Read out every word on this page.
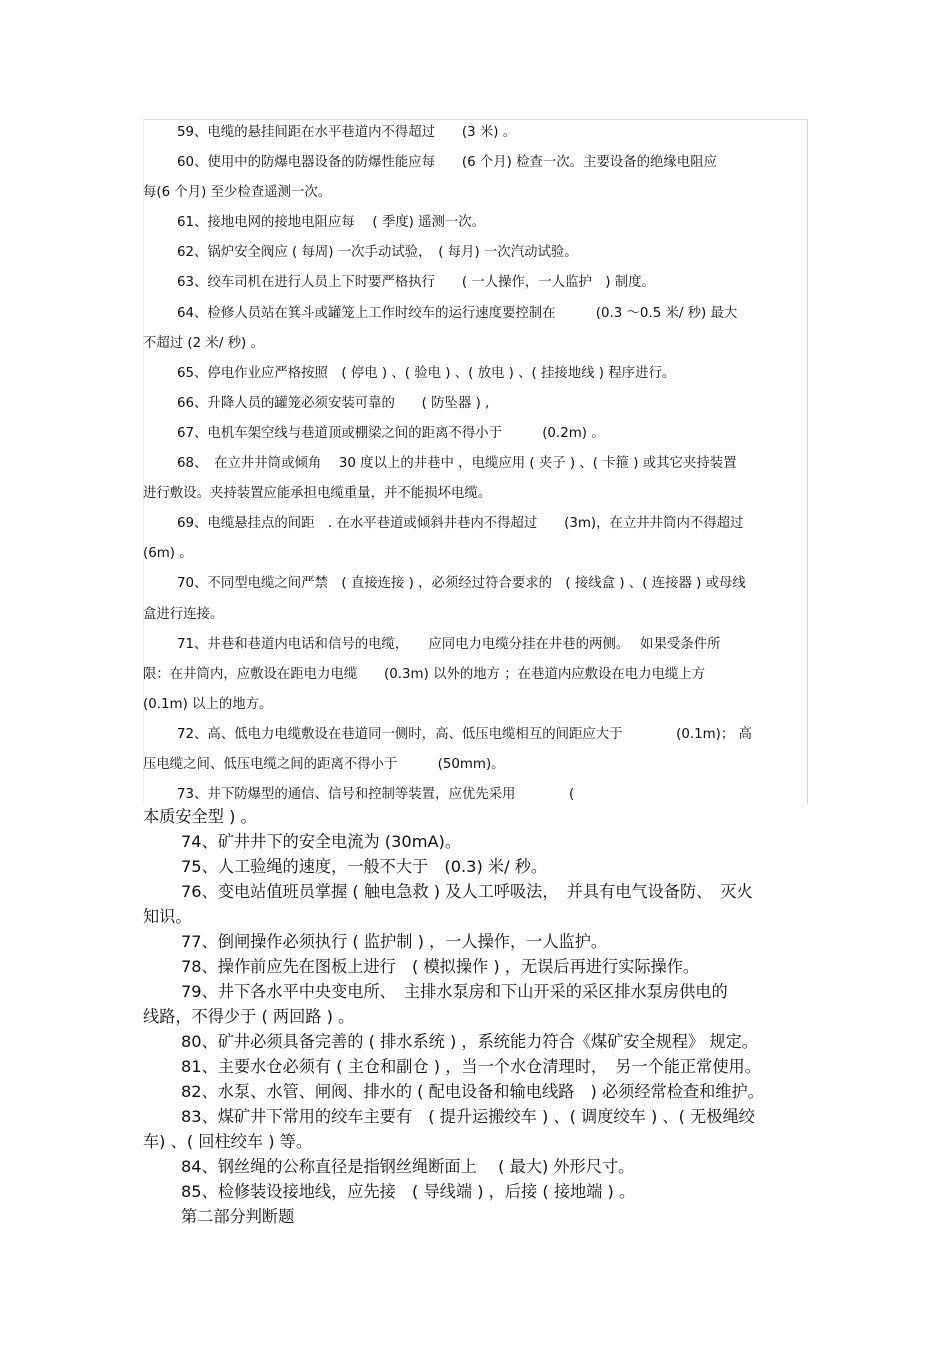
59、电缆的悬挂间距在水平巷道内不得超过　　(3 米) 。

60、使用中的防爆电器设备的防爆性能应每　　(6 个月) 检查一次。主要设备的绝缘电阻应

每(6 个月) 至少检查遥测一次。

61、接地电网的接地电阻应每　 ( 季度) 遥测一次。

62、锅炉安全阀应 ( 每周) 一次手动试验，　( 每月) 一次汽动试验。

63、绞车司机在进行人员上下时要严格执行　　( 一人操作，一人监护　) 制度。

64、检修人员站在箕斗或罐笼上工作时绞车的运行速度要控制在　　　(0.3 ～0.5 米/ 秒) 最大

不超过 (2 米/ 秒) 。

65、停电作业应严格按照　( 停电 ) 、( 验电 ) 、( 放电 ) 、( 挂接地线 ) 程序进行。

66、升降人员的罐笼必须安装可靠的　　( 防坠器 ) ,

67、电机车架空线与巷道顶或棚梁之间的距离不得小于　　　(0.2m) 。

68、　在立井井筒或倾角　 30 度以上的井巷中 ，电缆应用 ( 夹子 ) 、( 卡箍 ) 或其它夹持装置

进行敷设。夹持装置应能承担电缆重量，并不能损坏电缆。

69、电缆悬挂点的间距　. 在水平巷道或倾斜井巷内不得超过　　(3m)，在立井井筒内不得超过

(6m) 。

70、不同型电缆之间严禁　( 直接连接 ) ，必须经过符合要求的　( 接线盒 ) 、( 连接器 ) 或母线

盒进行连接。

71、井巷和巷道内电话和信号的电缆，　　应同电力电缆分挂在井巷的两侧。　 如果受条件所

限：在井筒内，应敷设在距电力电缆　　(0.3m) 以外的地方 ；在巷道内应敷设在电力电缆上方

(0.1m) 以上的地方。

72、高、低电力电缆敷设在巷道同一侧时，高、低压电缆相互的间距应大于　　　　(0.1m)； 高

压电缆之间、低压电缆之间的距离不得小于　　　(50mm)。

73、井下防爆型的通信、信号和控制等装置，应优先采用　　　　(

本质安全型 ) 。

74、矿井井下的安全电流为 (30mA)。

75、人工验绳的速度，一般不大于　(0.3) 米/ 秒。

76、变电站值班员掌握 ( 触电急救 ) 及人工呼吸法，　并具有电气设备防、　灭火

知识。

77、倒闸操作必须执行 ( 监护制 ) ，一人操作，一人监护。

78、操作前应先在图板上进行　( 模拟操作 ) ，无误后再进行实际操作。

79、井下各水平中央变电所、　主排水泵房和下山开采的采区排水泵房供电的

线路，不得少于 ( 两回路 ) 。

80、矿井必须具备完善的 ( 排水系统 ) ，系统能力符合《煤矿安全规程》 规定。

81、主要水仓必须有 ( 主仓和副仓 ) ，当一个水仓清理时，　另一个能正常使用。

82、水泵、水管、闸阀、排水的 ( 配电设备和输电线路　) 必须经常检查和维护。

83、煤矿井下常用的绞车主要有　( 提升运搬绞车 ) 、( 调度绞车 ) 、( 无极绳绞

车) 、( 回柱绞车 ) 等。

84、钢丝绳的公称直径是指钢丝绳断面上　 ( 最大) 外形尺寸。

85、检修装设接地线，应先接　( 导线端 ) ，后接 ( 接地端 ) 。

第二部分判断题
